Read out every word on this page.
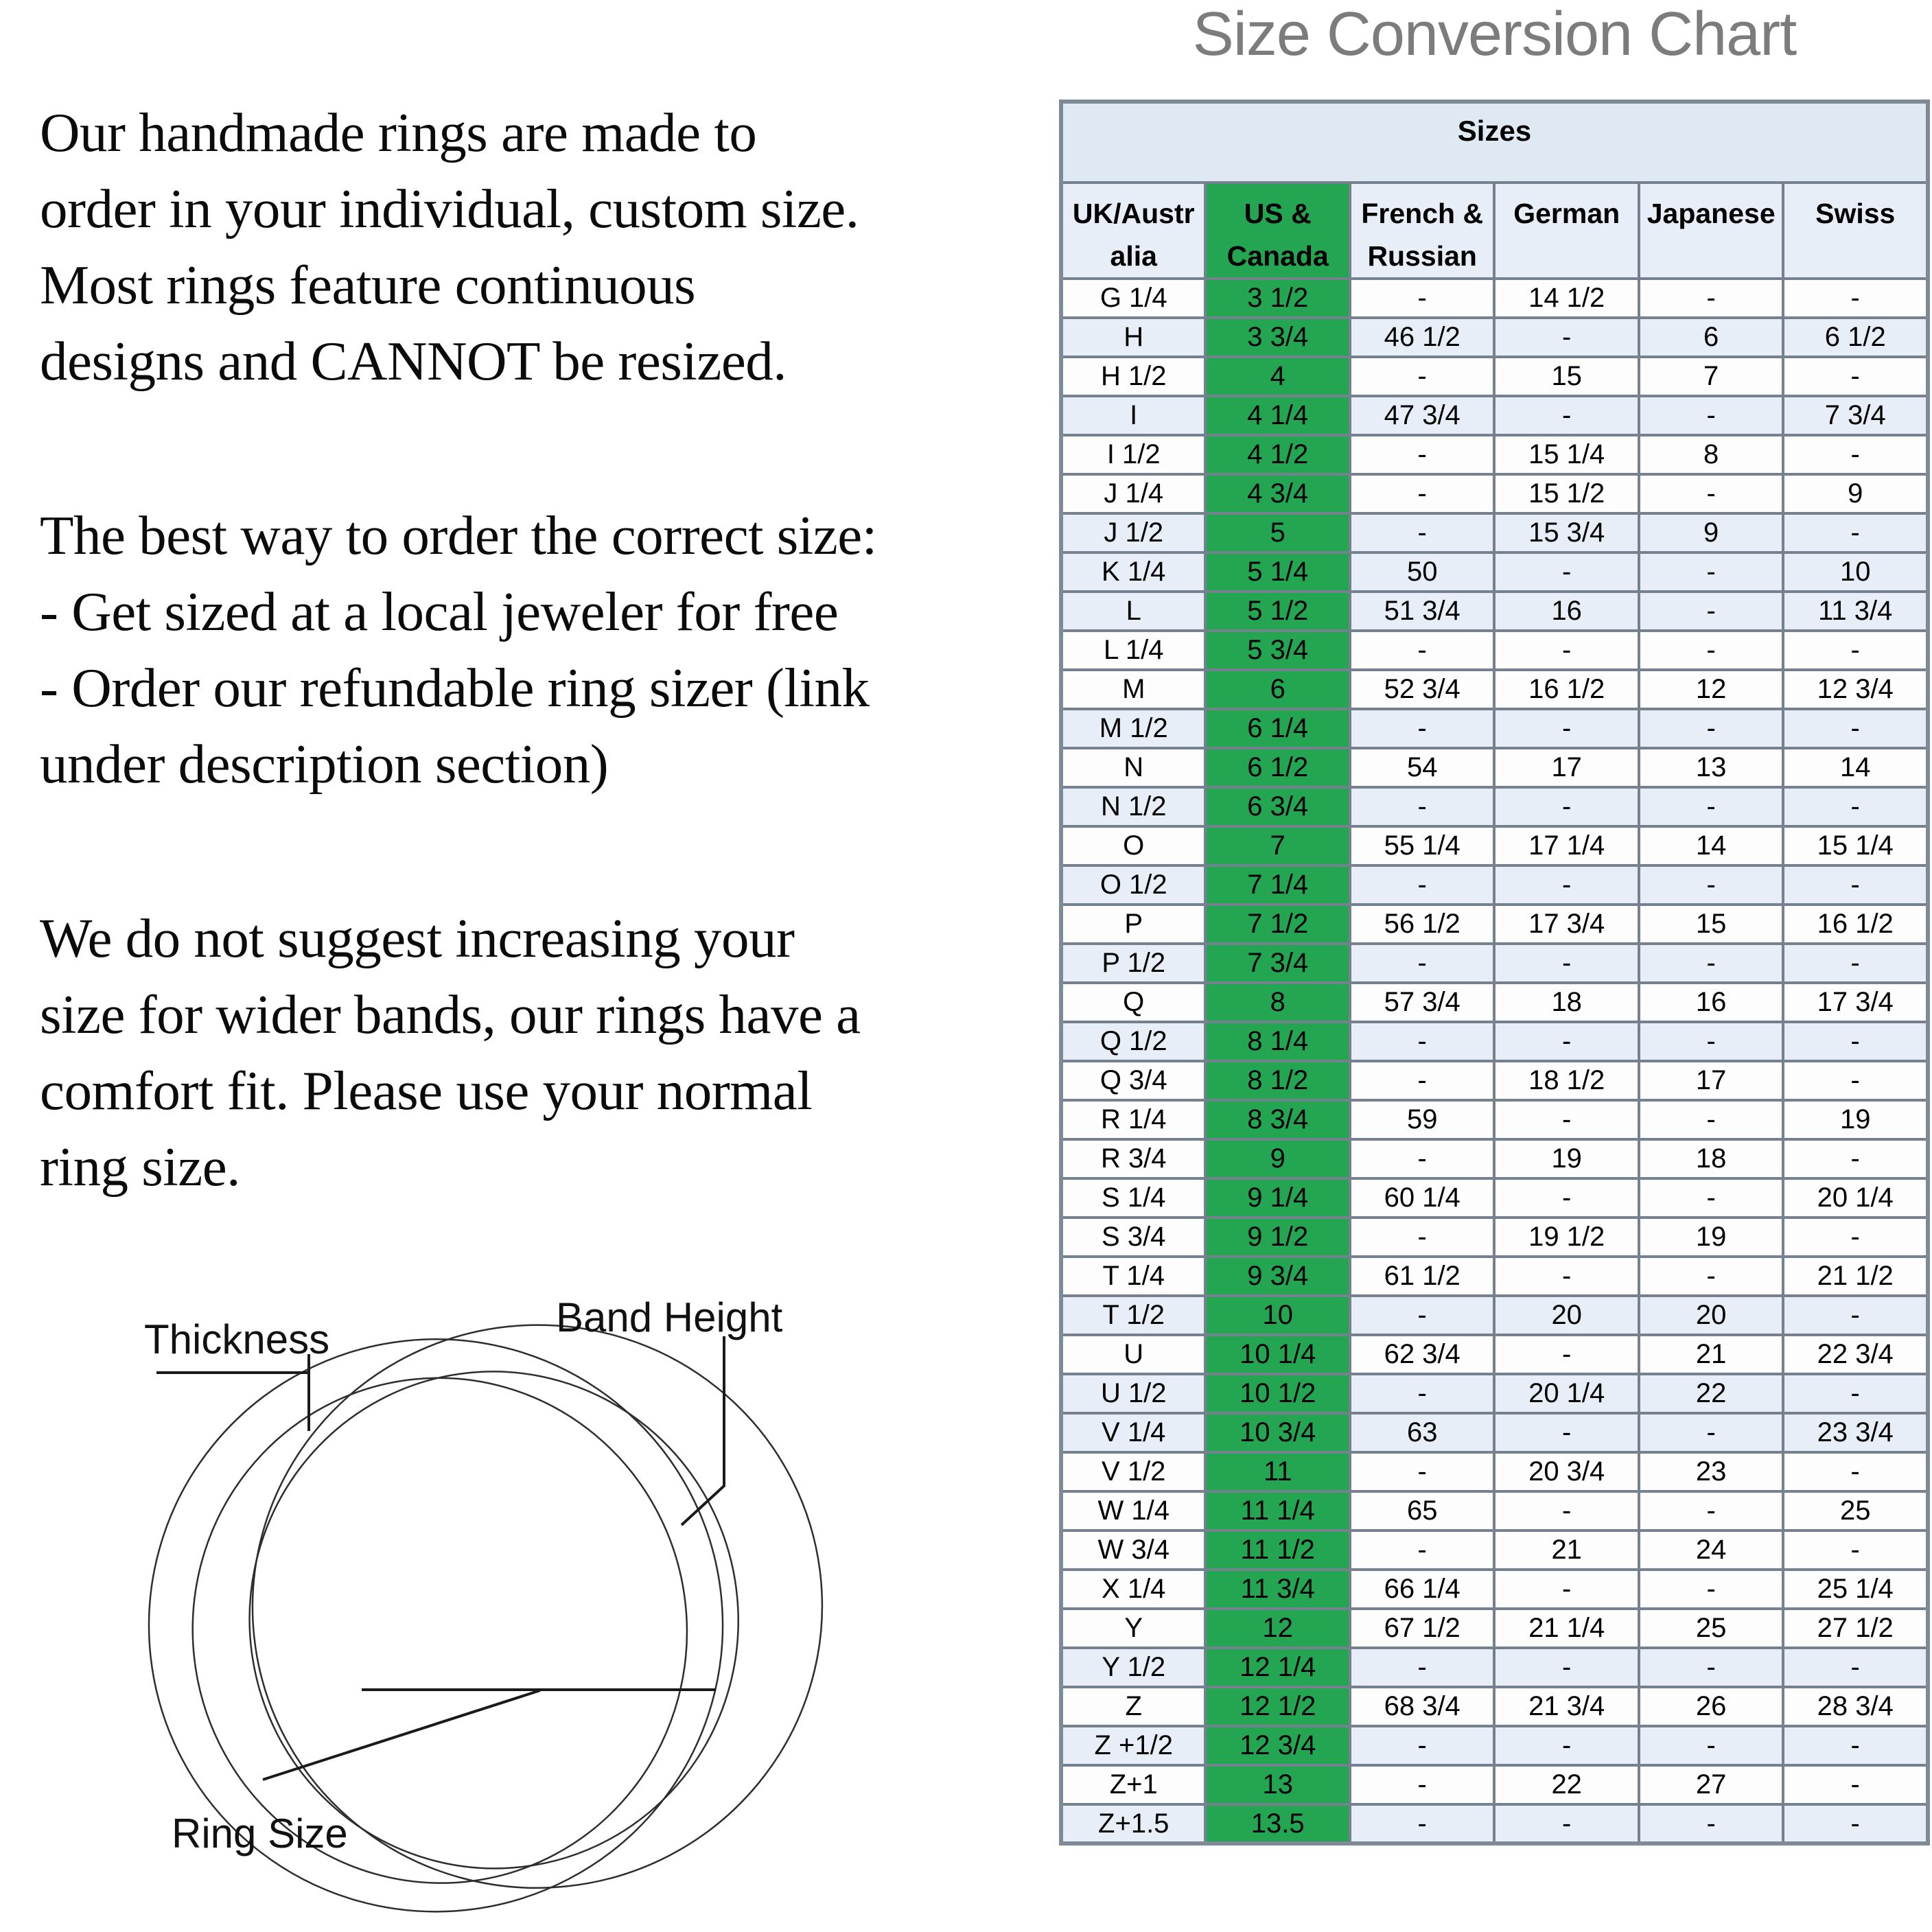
Our handmade rings are made to
order in your individual, custom size.
Most rings feature continuous
designs and CANNOT be resized.
The best way to order the correct size:
- Get sized at a local jeweler for free
- Order our refundable ring sizer (link
under description section)
We do not suggest increasing your
size for wider bands, our rings have a
comfort fit. Please use your normal
ring size.
Thickness	Band Height
Ring Size
Size Conversion Chart
Sizes					
UK/Australia	US & Canada	French & Russian	German	Japanese	Swiss
G 1/4	3 1/2	-	14 1/2	-	-
H	3 3/4	46 1/2	-	6	6 1/2
H 1/2	4	-	15	7	-
I	4 1/4	47 3/4	-	-	7 3/4
I 1/2	4 1/2	-	15 1/4	8	-
J 1/4	4 3/4	-	15 1/2	-	9
J 1/2	5	-	15 3/4	9	-
K 1/4	5 1/4	50	-	-	10
L	5 1/2	51 3/4	16	-	11 3/4
L 1/4	5 3/4	-	-	-	-
M	6	52 3/4	16 1/2	12	12 3/4
M 1/2	6 1/4	-	-	-	-
N	6 1/2	54	17	13	14
N 1/2	6 3/4	-	-	-	-
O	7	55 1/4	17 1/4	14	15 1/4
O 1/2	7 1/4	-	-	-	-
P	7 1/2	56 1/2	17 3/4	15	16 1/2
P 1/2	7 3/4	-	-	-	-
Q	8	57 3/4	18	16	17 3/4
Q 1/2	8 1/4	-	-	-	-
Q 3/4	8 1/2	-	18 1/2	17	-
R 1/4	8 3/4	59	-	-	19
R 3/4	9	-	19	18	-
S 1/4	9 1/4	60 1/4	-	-	20 1/4
S 3/4	9 1/2	-	19 1/2	19	-
T 1/4	9 3/4	61 1/2	-	-	21 1/2
T 1/2	10	-	20	20	-
U	10 1/4	62 3/4	-	21	22 3/4
U 1/2	10 1/2	-	20 1/4	22	-
V 1/4	10 3/4	63	-	-	23 3/4
V 1/2	11	-	20 3/4	23	-
W 1/4	11 1/4	65	-	-	25
W 3/4	11 1/2	-	21	24	-
X 1/4	11 3/4	66 1/4	-	-	25 1/4
Y	12	67 1/2	21 1/4	25	27 1/2
Y 1/2	12 1/4	-	-	-	-
Z	12 1/2	68 3/4	21 3/4	26	28 3/4
Z +1/2	12 3/4	-	-	-	-
Z+1	13	-	22	27	-
Z+1.5	13.5	-	-	-	-
